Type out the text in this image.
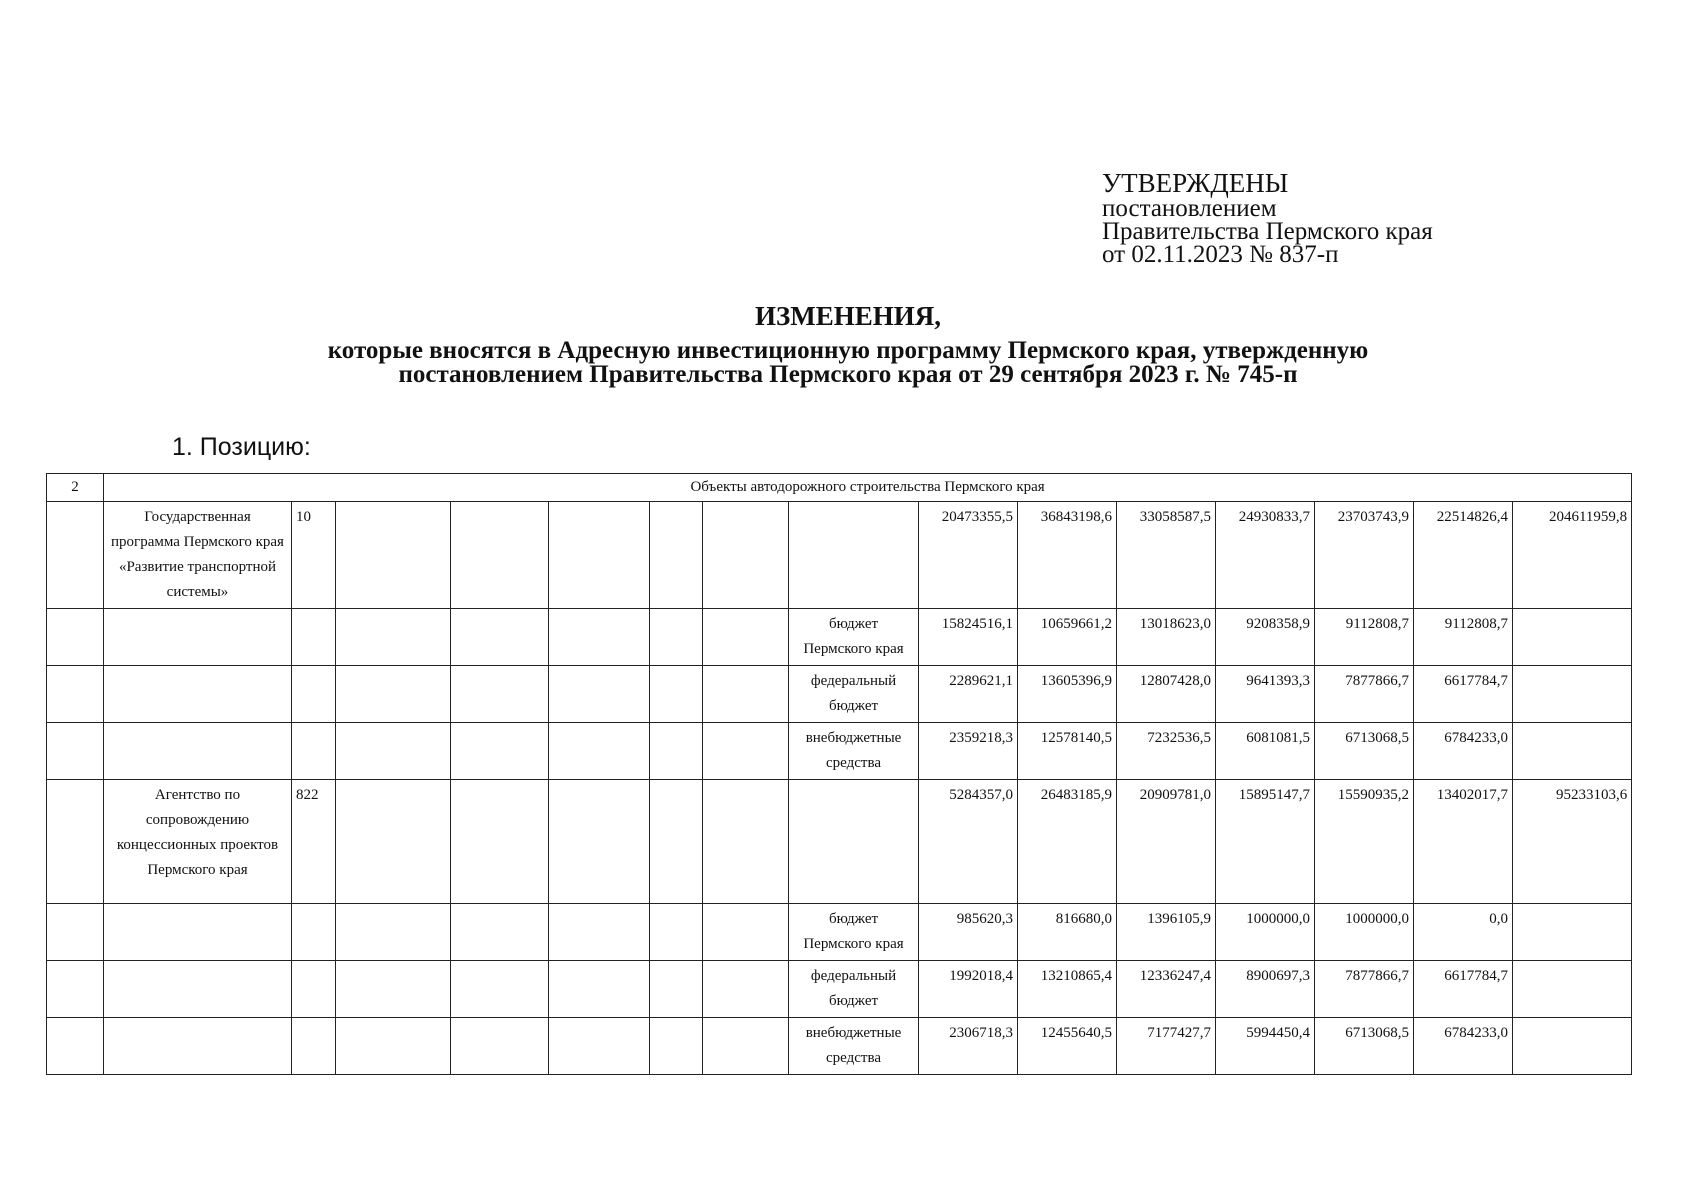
УТВЕРЖДЕНЫ
постановлением
Правительства Пермского края
от 02.11.2023 № 837-п
ИЗМЕНЕНИЯ,
которые вносятся в Адресную инвестиционную программу Пермского края, утвержденную
постановлением Правительства Пермского края от 29 сентября 2023 г. № 745-п
1. Позицию:
2	Объекты автодорожного строительства Пермского края														
	Государственная программа Пермского края «Развитие транспортной системы»	10							20473355,5	36843198,6	33058587,5	24930833,7	23703743,9	22514826,4	204611959,8
								бюджет Пермского края	15824516,1	10659661,2	13018623,0	9208358,9	9112808,7	9112808,7	
								федеральный бюджет	2289621,1	13605396,9	12807428,0	9641393,3	7877866,7	6617784,7	
								внебюджетные средства	2359218,3	12578140,5	7232536,5	6081081,5	6713068,5	6784233,0	
	Агентство по сопровождению концессионных проектов Пермского края	822							5284357,0	26483185,9	20909781,0	15895147,7	15590935,2	13402017,7	95233103,6
								бюджет Пермского края	985620,3	816680,0	1396105,9	1000000,0	1000000,0	0,0	
								федеральный бюджет	1992018,4	13210865,4	12336247,4	8900697,3	7877866,7	6617784,7	
								внебюджетные средства	2306718,3	12455640,5	7177427,7	5994450,4	6713068,5	6784233,0	
